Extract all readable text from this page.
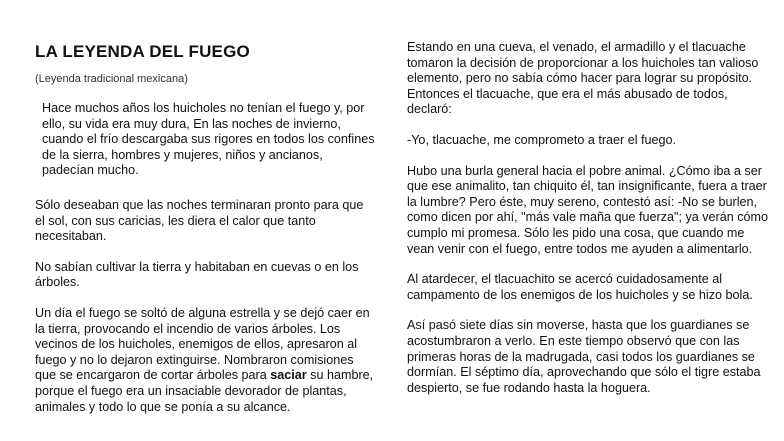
LA LEYENDA DEL FUEGO
(Leyenda tradicional mexicana)

Hace muchos años los huicholes no tenían el fuego y, por ello, su vida era muy dura, En las noches de invierno, cuando el frío descargaba sus rigores en todos los confines de la sierra, hombres y mujeres, niños y ancianos, padecían mucho.

Sólo deseaban que las noches terminaran pronto para que el sol, con sus caricias, les diera el calor que tanto necesitaban.

No sabían cultivar la tierra y habitaban en cuevas o en los árboles.

Un día el fuego se soltó de alguna estrella y se dejó caer en la tierra, provocando el incendio de varios árboles. Los vecinos de los huicholes, enemigos de ellos, apresaron al fuego y no lo dejaron extinguirse. Nombraron comisiones que se encargaron de cortar árboles para saciar su hambre, porque el fuego era un insaciable devorador de plantas, animales y todo lo que se ponía a su alcance.

Estando en una cueva, el venado, el armadillo y el tlacuache tomaron la decisión de proporcionar a los huicholes tan valioso elemento, pero no sabía cómo hacer para lograr su propósito. Entonces el tlacuache, que era el más abusado de todos, declaró:

-Yo, tlacuache, me comprometo a traer el fuego.

Hubo una burla general hacia el pobre animal. ¿Cómo iba a ser que ese animalito, tan chiquito él, tan insignificante, fuera a traer la lumbre? Pero éste, muy sereno, contestó así: -No se burlen, como dicen por ahí, "más vale maña que fuerza"; ya verán cómo cumplo mi promesa. Sólo les pido una cosa, que cuando me vean venir con el fuego, entre todos me ayuden a alimentarlo.

Al atardecer, el tlacuachito se acercó cuidadosamente al campamento de los enemigos de los huicholes y se hizo bola.

Así pasó siete días sin moverse, hasta que los guardianes se acostumbraron a verlo. En este tiempo observó que con las primeras horas de la madrugada, casi todos los guardianes se dormían. El séptimo día, aprovechando que sólo el tigre estaba despierto, se fue rodando hasta la hoguera.
